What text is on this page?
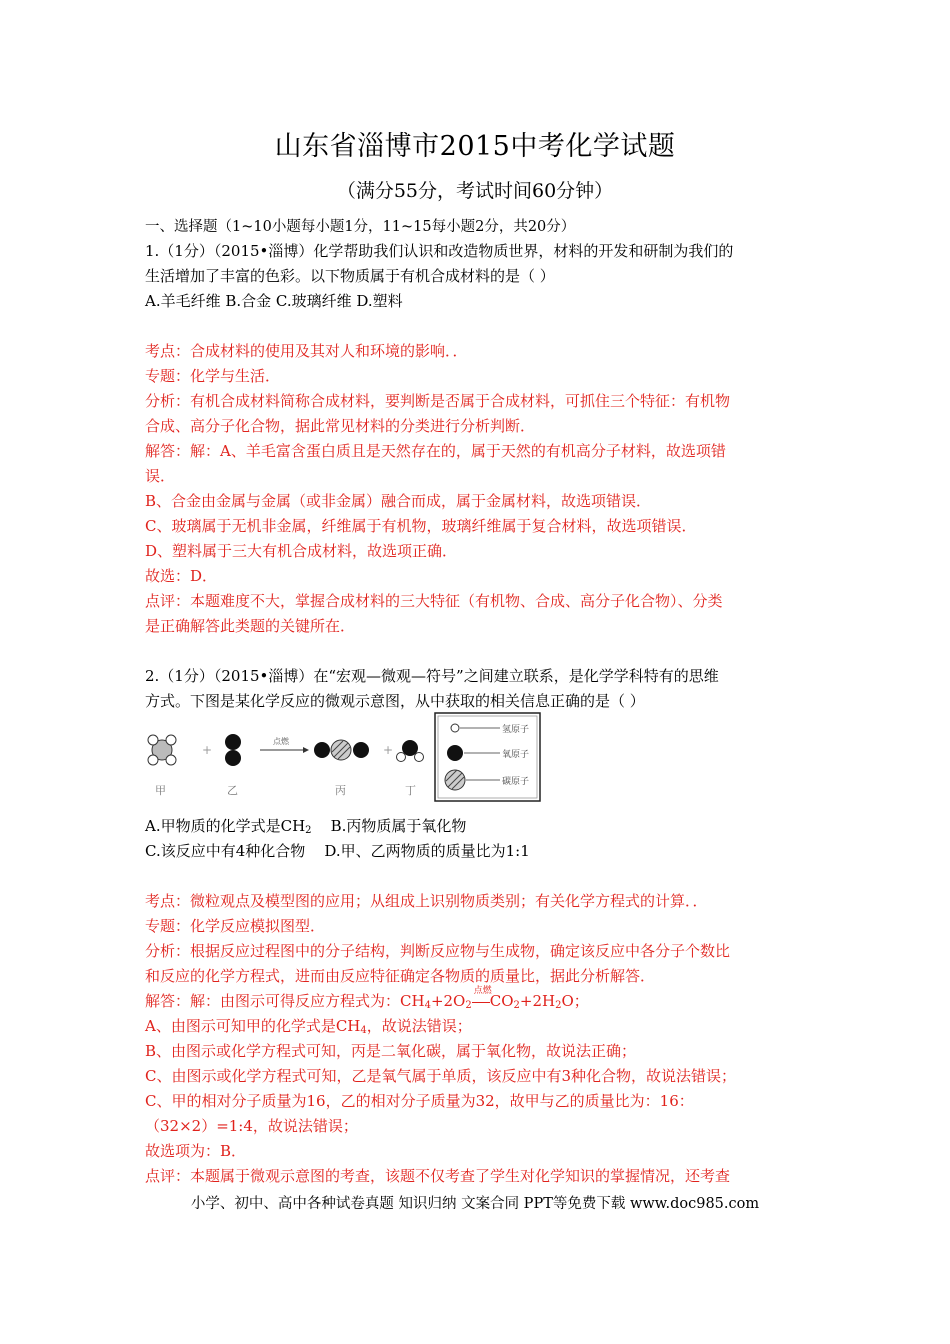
山东省淄博市2015中考化学试题
（满分55分，考试时间60分钟）
一、选择题（1~10小题每小题1分，11~15每小题2分，共20分）
1.（1分）（2015•淄博）化学帮助我们认识和改造物质世界，材料的开发和研制为我们的
生活增加了丰富的色彩。以下物质属于有机合成材料的是（ ）
A.羊毛纤维 B.合金 C.玻璃纤维 D.塑料
考点：合成材料的使用及其对人和环境的影响．．
专题：化学与生活．
分析：有机合成材料简称合成材料，要判断是否属于合成材料，可抓住三个特征：有机物
合成、高分子化合物，据此常见材料的分类进行分析判断．
解答：解：A、羊毛富含蛋白质且是天然存在的，属于天然的有机高分子材料，故选项错
误．
B、合金由金属与金属（或非金属）融合而成，属于金属材料，故选项错误．
C、玻璃属于无机非金属，纤维属于有机物，玻璃纤维属于复合材料，故选项错误．
D、塑料属于三大有机合成材料，故选项正确．
故选：D．
点评：本题难度不大，掌握合成材料的三大特征（有机物、合成、高分子化合物）、分类
是正确解答此类题的关键所在．
2.（1分）（2015•淄博）在“宏观—微观—符号”之间建立联系，是化学学科特有的思维
方式。下图是某化学反应的微观示意图，从中获取的相关信息正确的是（ ）
甲
+
乙
点燃
丙
+
丁
氢原子
氧原子
碳原子
A.甲物质的化学式是$CH_2$    B.丙物质属于氧化物
C.该反应中有4种化合物    D.甲、乙两物质的质量比为1:1
考点：微粒观点及模型图的应用；从组成上识别物质类别；有关化学方程式的计算．．
专题：化学反应模拟图型．
分析：根据反应过程图中的分子结构，判断反应物与生成物，确定该反应中各分子个数比
和反应的化学方程式，进而由反应特征确定各物质的质量比，据此分析解答．
解答：解：由图示可得反应方程式为：$CH_4+2O_2$
点燃
$CO_2+2H_2O$；
A、由图示可知甲的化学式是$CH_4$，故说法错误；
B、由图示或化学方程式可知，丙是二氧化碳，属于氧化物，故说法正确；
C、由图示或化学方程式可知，乙是氧气属于单质，该反应中有3种化合物，故说法错误；
C、甲的相对分子质量为16，乙的相对分子质量为32，故甲与乙的质量比为：16：
（32×2）=1:4，故说法错误；
故选项为：B．
点评：本题属于微观示意图的考查，该题不仅考查了学生对化学知识的掌握情况，还考查
小学、初中、高中各种试卷真题 知识归纳 文案合同 PPT等免费下载 www.doc985.com
